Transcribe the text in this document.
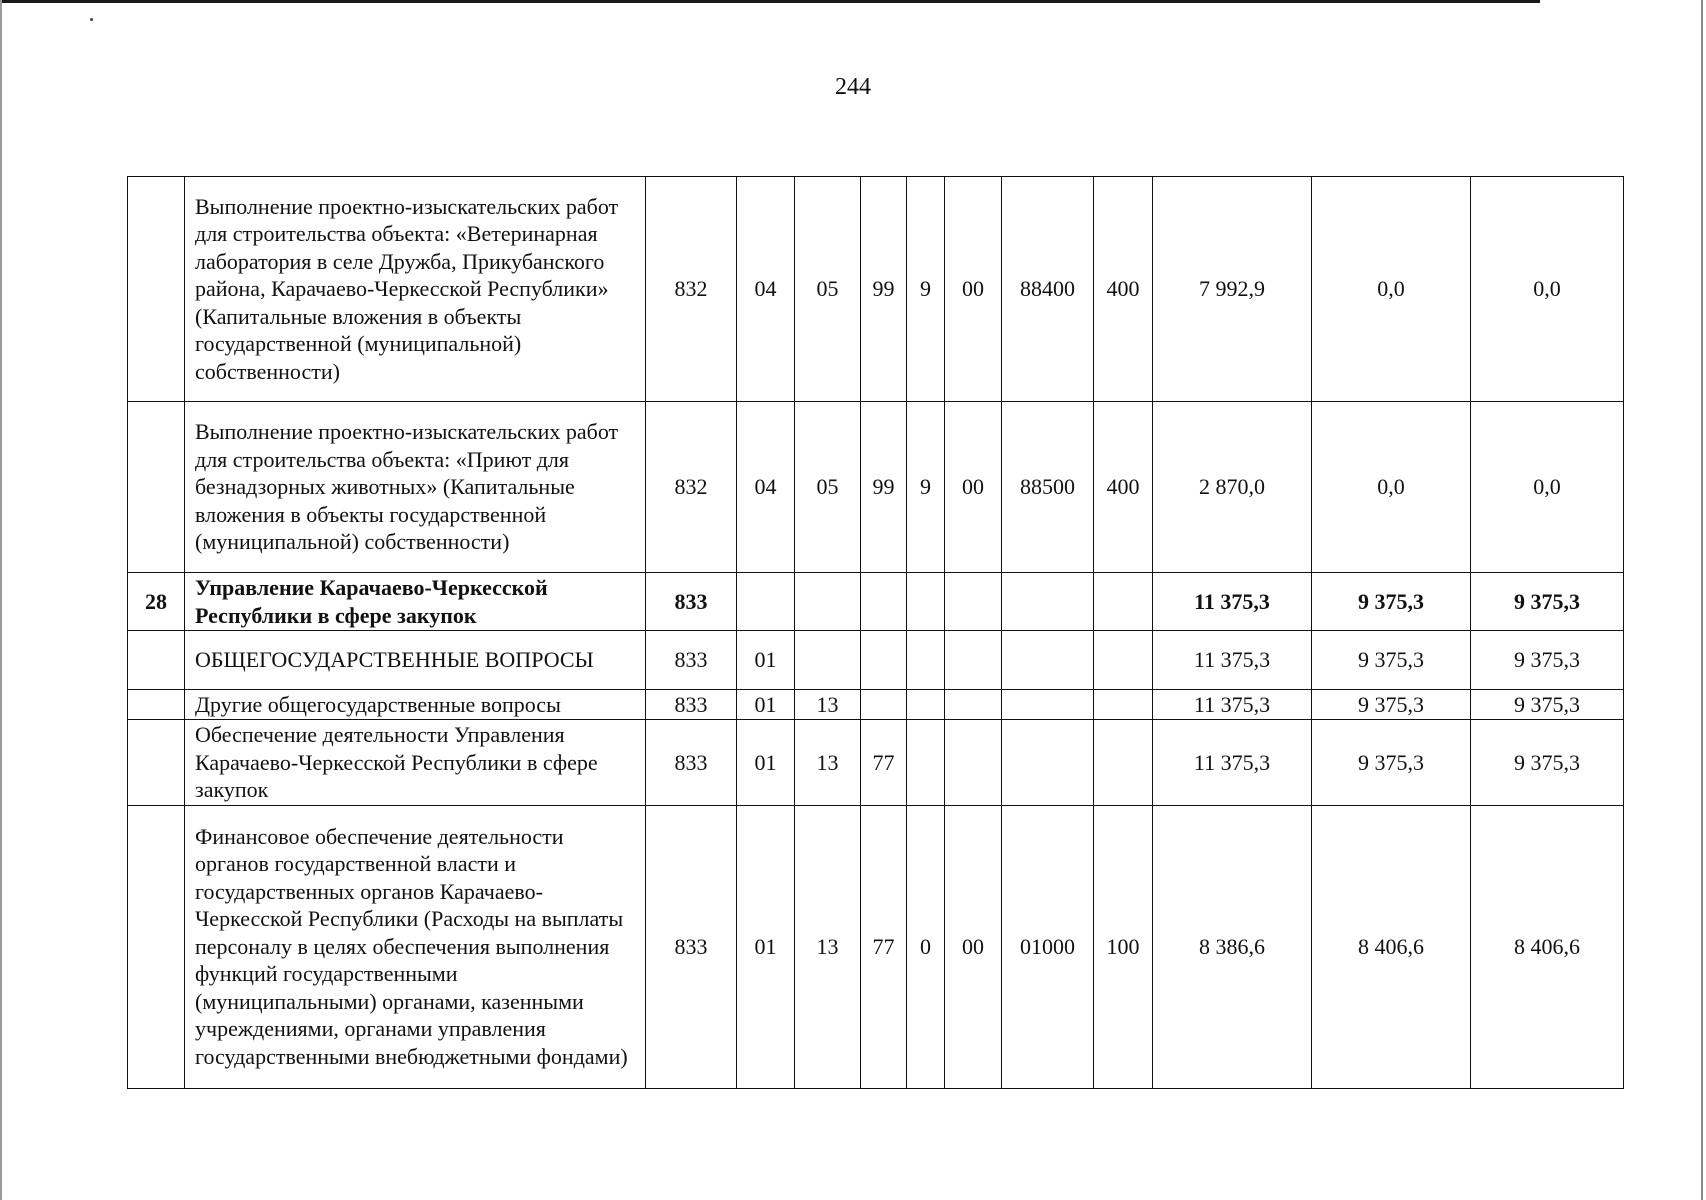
244
	Выполнение проектно-изыскательских работ для строительства объекта: «Ветеринарная лаборатория в селе Дружба, Прикубанского района, Карачаево-Черкесской Республики» (Капитальные вложения в объекты государственной (муниципальной) собственности)	832	04	05	99	9	00	88400	400	7 992,9	0,0	0,0
	Выполнение проектно-изыскательских работ для строительства объекта: «Приют для безнадзорных животных» (Капитальные вложения в объекты государственной (муниципальной) собственности)	832	04	05	99	9	00	88500	400	2 870,0	0,0	0,0
28	Управление Карачаево-Черкесской Республики в сфере закупок	833								11 375,3	9 375,3	9 375,3
	ОБЩЕГОСУДАРСТВЕННЫЕ ВОПРОСЫ	833	01							11 375,3	9 375,3	9 375,3
	Другие общегосударственные вопросы	833	01	13						11 375,3	9 375,3	9 375,3
	Обеспечение деятельности Управления Карачаево-Черкесской Республики в сфере закупок	833	01	13	77					11 375,3	9 375,3	9 375,3
	Финансовое обеспечение деятельности органов государственной власти и государственных органов Карачаево-Черкесской Республики (Расходы на выплаты персоналу в целях обеспечения выполнения функций государственными (муниципальными) органами, казенными учреждениями, органами управления государственными внебюджетными фондами)	833	01	13	77	0	00	01000	100	8 386,6	8 406,6	8 406,6
